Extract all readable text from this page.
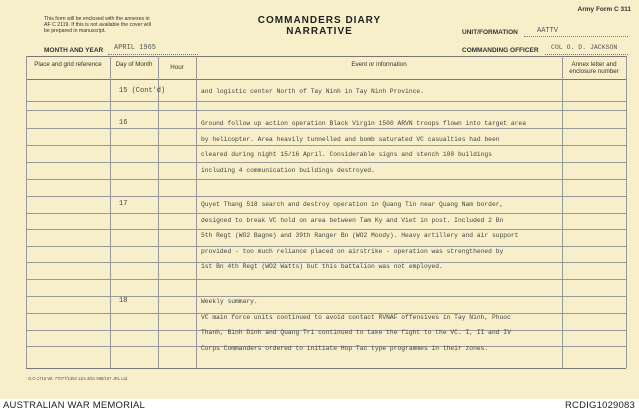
This form will be enclosed with the annexes in AF C 2119. If this is not available the cover will be prepared in manuscript.
Army Form C 311
COMMANDERS DIARY
NARRATIVE	UNIT/FORMATION	AATTV
MONTH AND YEAR APRIL 1965	COMMANDING OFFICER COL O. D. JACKSON
Place and grid reference	Day of Month	Hour	Event or information	Annex letter and enclosure number
15 (Cont'd)	and logistic center North of Tay Ninh in Tay Ninh Province.
16	Ground follow up action operation Black Virgin 1500 ARVN troops flown into target area
by helicopter. Area heavily tunnelled and bomb saturated VC casualties had been
cleared during night 15/16 April. Considerable signs and stench 108 buildings
including 4 communication buildings destroyed.
17	Quyet Thang 518 search and destroy operation in Quang Tin near Quang Nam border,
designed to break VC hold on area between Tam Ky and Viet in post. Included 2 Bn
5th Regt (WO2 Bagne) and 39th Ranger Bn (WO2 Moody). Heavy artillery and air support
provided - too much reliance placed on airstrike - operation was strengthened by
1st Bn 4th Regt (WO2 Watts) but this battalion was not employed.
18	Weekly summary.
VC main force units continued to avoid contact RVNAF offensives in Tay Ninh, Phuoc
Thanh, Binh Dinh and Quang Tri continued to take the fight to the VC. I, II and IV
Corps Commanders ordered to initiate Hop Tac type programmes in their zones.
G.O.1716 Wt. 77077/1353 11m 3/61 998/167 JRL Ltd.
AUSTRALIAN WAR MEMORIAL	RCDIG1029083
